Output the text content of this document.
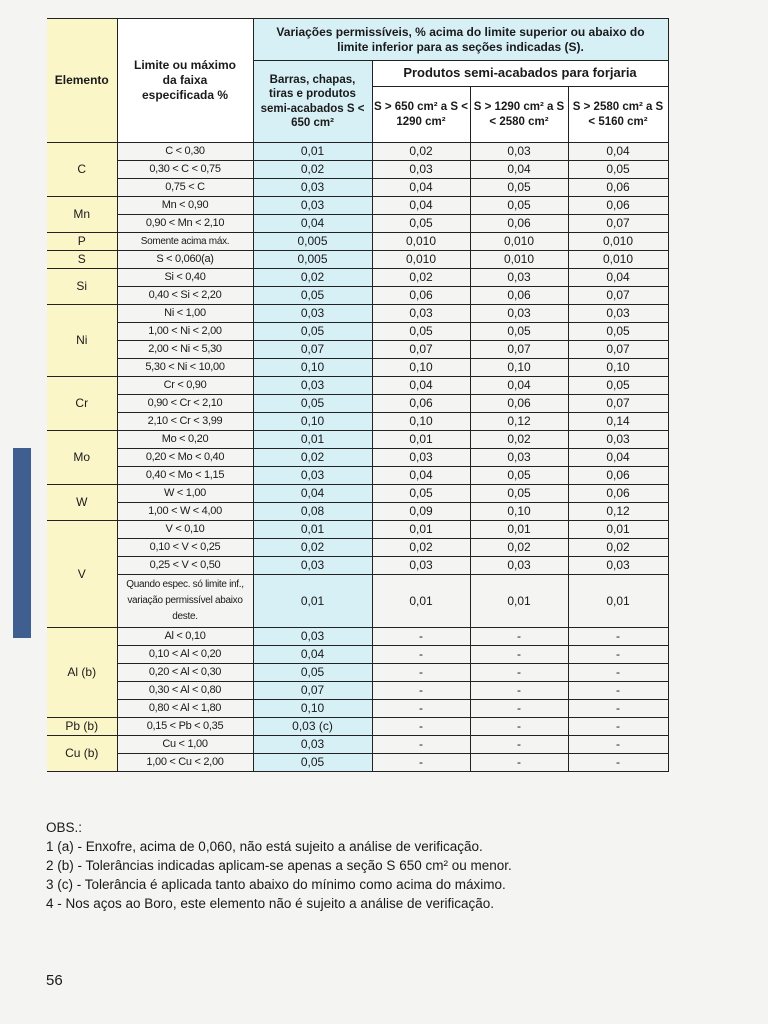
Elemento	Limite ou máximo da faixa especificada %	Variações permissíveis, % acima do limite superior ou abaixo do limite inferior para as seções indicadas (S).			
		Barras, chapas, tiras e produtos semi-acabados S < 650 cm²	Produtos semi-acabados para forjaria		
			S > 650 cm² a S < 1290 cm²	S > 1290 cm² a S < 2580 cm²	S > 2580 cm² a S < 5160 cm²
C	C < 0,30	0,01	0,02	0,03	0,04
	0,30 < C < 0,75	0,02	0,03	0,04	0,05
	0,75 < C	0,03	0,04	0,05	0,06
Mn	Mn < 0,90	0,03	0,04	0,05	0,06
	0,90 < Mn < 2,10	0,04	0,05	0,06	0,07
P	Somente acima máx.	0,005	0,010	0,010	0,010
S	S < 0,060(a)	0,005	0,010	0,010	0,010
Si	Si < 0,40	0,02	0,02	0,03	0,04
	0,40 < Si < 2,20	0,05	0,06	0,06	0,07
Ni	Ni < 1,00	0,03	0,03	0,03	0,03
	1,00 < Ni < 2,00	0,05	0,05	0,05	0,05
	2,00 < Ni < 5,30	0,07	0,07	0,07	0,07
	5,30 < Ni < 10,00	0,10	0,10	0,10	0,10
Cr	Cr < 0,90	0,03	0,04	0,04	0,05
	0,90 < Cr < 2,10	0,05	0,06	0,06	0,07
	2,10 < Cr < 3,99	0,10	0,10	0,12	0,14
Mo	Mo < 0,20	0,01	0,01	0,02	0,03
	0,20 < Mo < 0,40	0,02	0,03	0,03	0,04
	0,40 < Mo < 1,15	0,03	0,04	0,05	0,06
W	W < 1,00	0,04	0,05	0,05	0,06
	1,00 < W < 4,00	0,08	0,09	0,10	0,12
V	V < 0,10	0,01	0,01	0,01	0,01
	0,10 < V < 0,25	0,02	0,02	0,02	0,02
	0,25 < V < 0,50	0,03	0,03	0,03	0,03
	Quando espec. só limite inf., variação permissível abaixo deste.	0,01	0,01	0,01	0,01
Al (b)	Al < 0,10	0,03	-	-	-
	0,10 < Al < 0,20	0,04	-	-	-
	0,20 < Al < 0,30	0,05	-	-	-
	0,30 < Al < 0,80	0,07	-	-	-
	0,80 < Al < 1,80	0,10	-	-	-
Pb (b)	0,15 < Pb < 0,35	0,03 (c)	-	-	-
Cu (b)	Cu < 1,00	0,03	-	-	-
	1,00 < Cu < 2,00	0,05	-	-	-
OBS.:
1 (a) - Enxofre, acima de 0,060, não está sujeito a análise de verificação.
2 (b) - Tolerâncias indicadas aplicam-se apenas a seção S 650 cm² ou menor.
3 (c) - Tolerância é aplicada tanto abaixo do mínimo como acima do máximo.
4 - Nos aços ao Boro, este elemento não é sujeito a análise de verificação.
56
